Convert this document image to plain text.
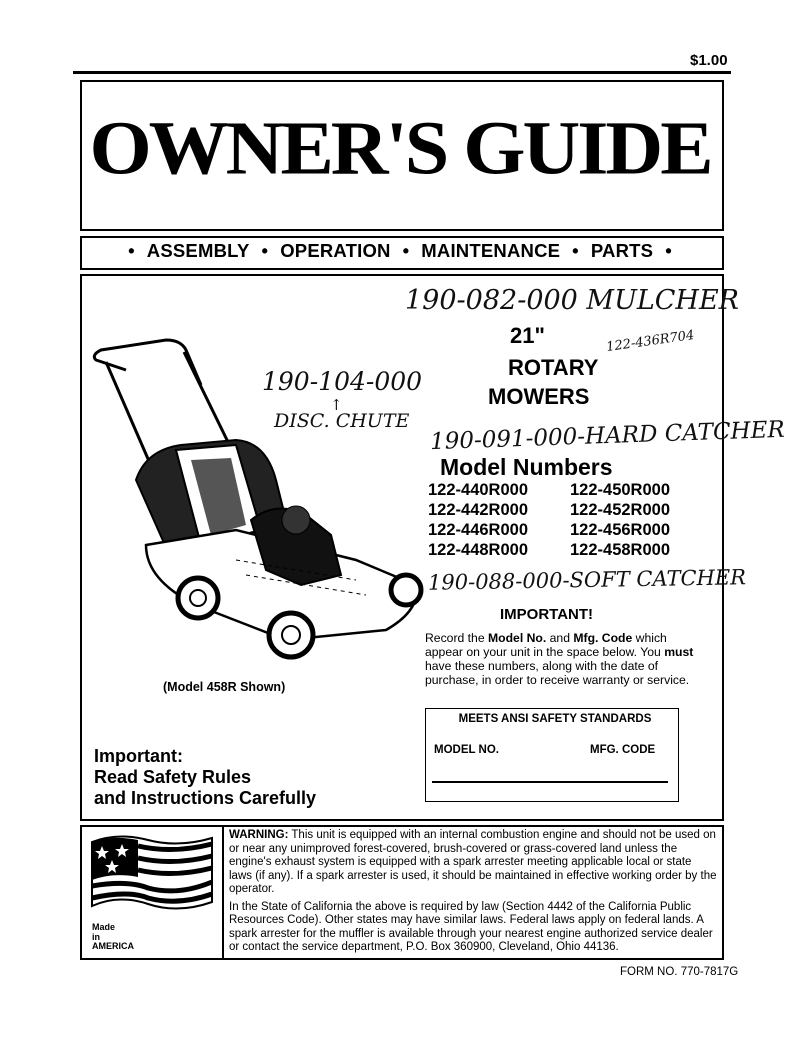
$1.00
OWNER'S GUIDE
• ASSEMBLY • OPERATION • MAINTENANCE • PARTS •
190-082-000 MULCHER
122-436R704
190-104-000
↑
DISC. CHUTE 190-091-000-HARD CATCHER
190-088-000-SOFT CATCHER
21"
ROTARY
MOWERS
Model Numbers
122-440R000	122-450R000
122-442R000	122-452R000
122-446R000	122-456R000
122-448R000	122-458R000
IMPORTANT!
Record the Model No. and Mfg. Code which appear on your unit in the space below. You must have these numbers, along with the date of purchase, in order to receive warranty or service.
(Model 458R Shown)
MEETS ANSI SAFETY STANDARDS
MODEL NO.	MFG. CODE
Important:
Read Safety Rules
and Instructions Carefully
Made
in
AMERICA

WARNING: This unit is equipped with an internal combustion engine and should not be used on or near any unimproved forest-covered, brush-covered or grass-covered land unless the engine's exhaust system is equipped with a spark arrester meeting applicable local or state laws (if any). If a spark arrester is used, it should be maintained in effective working order by the operator.

In the State of California the above is required by law (Section 4442 of the California Public Resources Code). Other states may have similar laws. Federal laws apply on federal lands. A spark arrester for the muffler is available through your nearest engine authorized service dealer or contact the service department, P.O. Box 360900, Cleveland, Ohio 44136.

FORM NO. 770-7817G
